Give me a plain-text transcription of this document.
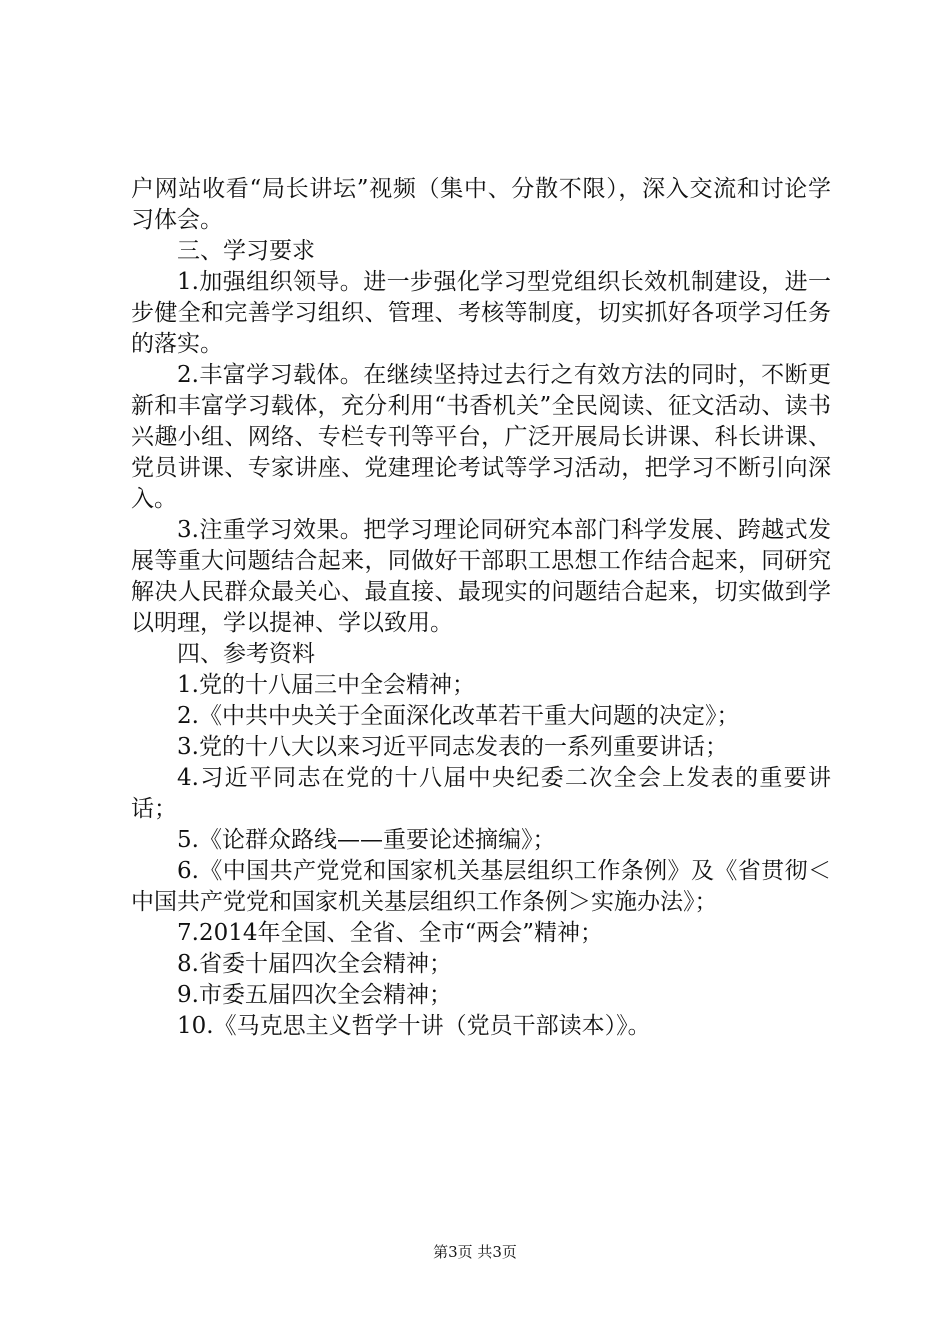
户网站收看“局长讲坛”视频（集中、分散不限），深入交流和讨论学习体会。

三、学习要求

1.加强组织领导。进一步强化学习型党组织长效机制建设，进一步健全和完善学习组织、管理、考核等制度，切实抓好各项学习任务的落实。

2.丰富学习载体。在继续坚持过去行之有效方法的同时，不断更新和丰富学习载体，充分利用“书香机关”全民阅读、征文活动、读书兴趣小组、网络、专栏专刊等平台，广泛开展局长讲课、科长讲课、党员讲课、专家讲座、党建理论考试等学习活动，把学习不断引向深入。

3.注重学习效果。把学习理论同研究本部门科学发展、跨越式发展等重大问题结合起来，同做好干部职工思想工作结合起来，同研究解决人民群众最关心、最直接、最现实的问题结合起来，切实做到学以明理，学以提神、学以致用。

四、参考资料

1.党的十八届三中全会精神；

2.《中共中央关于全面深化改革若干重大问题的决定》；

3.党的十八大以来习近平同志发表的一系列重要讲话；

4.习近平同志在党的十八届中央纪委二次全会上发表的重要讲话；

5.《论群众路线——重要论述摘编》；

6.《中国共产党党和国家机关基层组织工作条例》及《省贯彻＜中国共产党党和国家机关基层组织工作条例＞实施办法》；

7.2014年全国、全省、全市“两会”精神；

8.省委十届四次全会精神；

9.市委五届四次全会精神；

10.《马克思主义哲学十讲（党员干部读本）》。

第3页 共3页
